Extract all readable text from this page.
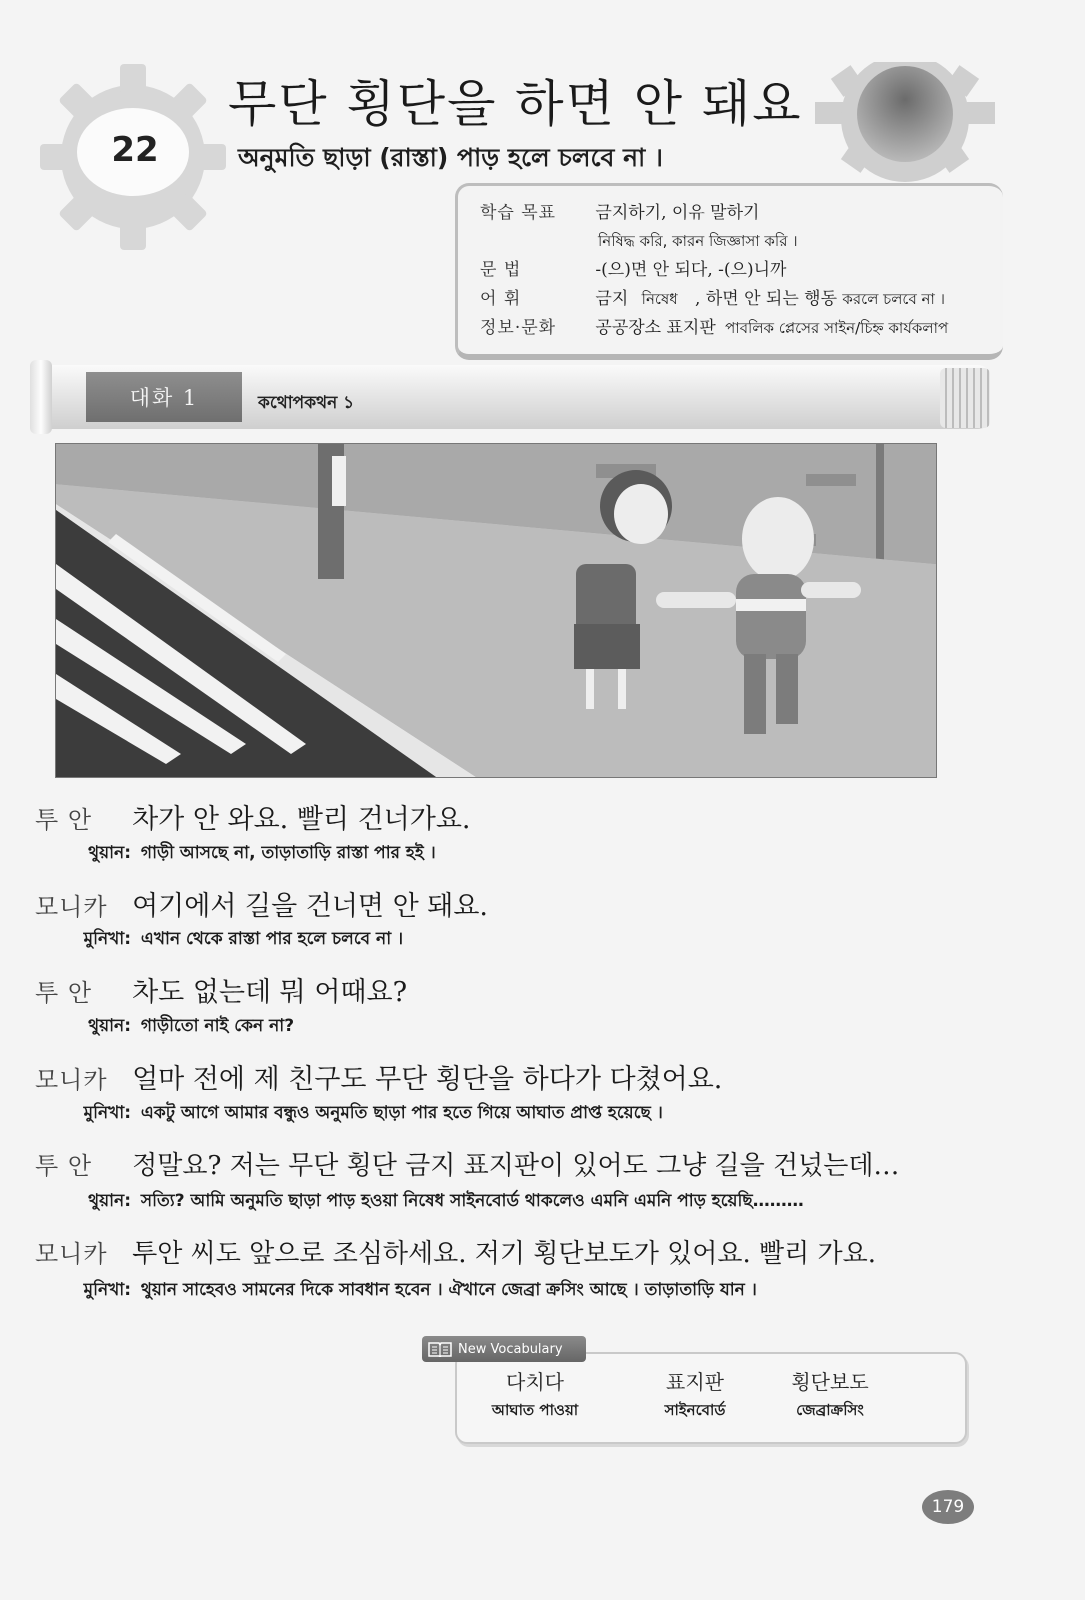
22
무단 횡단을 하면 안 돼요
অনুমতি ছাড়া (রাস্তা) পাড় হলে চলবে না ।
학습 목표 금지하기, 이유 말하기
নিষিদ্ধ করি, কারন জিজ্ঞাসা করি ।
문 법	-(으)면 안 되다, -(으)니까
어 휘	금지 নিষেধ , 하면 안 되는 행동 করলে চলবে না ।
정보·문화 공공장소 표지판 পাবলিক প্লেসের সাইন/চিহ্ন কার্যকলাপ
대화 1	কথোপকথন ১
투 안 차가 안 와요. 빨리 건너가요.
থুয়ান: গাড়ী আসছে না, তাড়াতাড়ি রাস্তা পার হই ।
모니카 여기에서 길을 건너면 안 돼요.
মুনিখা: এখান থেকে রাস্তা পার হলে চলবে না ।
투 안 차도 없는데 뭐 어때요?
থুয়ান: গাড়ীতো নাই কেন না?
모니카 얼마 전에 제 친구도 무단 횡단을 하다가 다쳤어요.
মুনিখা: একটু আগে আমার বন্ধুও অনুমতি ছাড়া পার হতে গিয়ে আঘাত প্রাপ্ত হয়েছে ।
투 안 정말요? 저는 무단 횡단 금지 표지판이 있어도 그냥 길을 건넜는데…
থুয়ান: সত্যি? আমি অনুমতি ছাড়া পাড় হওয়া নিষেধ সাইনবোর্ড থাকলেও এমনি এমনি পাড় হয়েছি………
모니카 투안 씨도 앞으로 조심하세요. 저기 횡단보도가 있어요. 빨리 가요.
মুনিখা: থুয়ান সাহেবও সামনের দিকে সাবধান হবেন । ঐখানে জেব্রা ক্রসিং আছে । তাড়াতাড়ি যান ।
New Vocabulary
다치다
আঘাত পাওয়া
표지판
সাইনবোর্ড
횡단보도
জেব্রাক্রসিং
179
